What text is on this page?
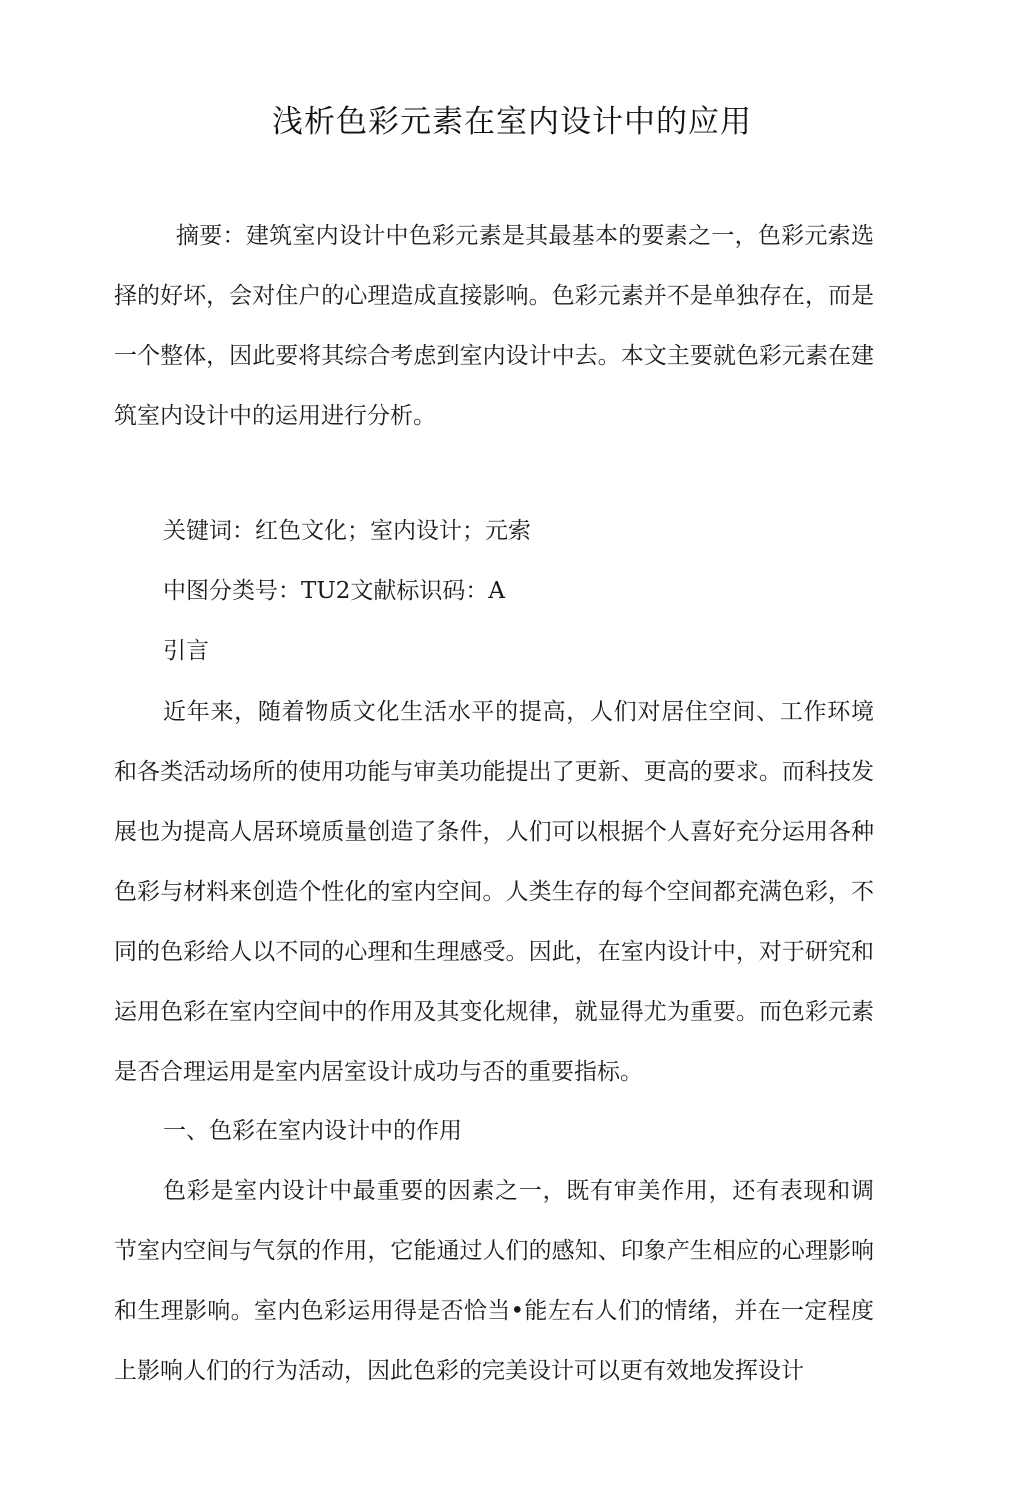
浅析色彩元素在室内设计中的应用

摘要：建筑室内设计中色彩元素是其最基本的要素之一，色彩元索选择的好坏，会对住户的心理造成直接影响。色彩元素并不是单独存在，而是一个整体，因此要将其综合考虑到室内设计中去。本文主要就色彩元素在建筑室内设计中的运用进行分析。

关键词：红色文化；室内设计；元索

中图分类号：TU2文献标识码：A

引言

近年来，随着物质文化生活水平的提高，人们对居住空间、工作环境和各类活动场所的使用功能与审美功能提出了更新、更高的要求。而科技发展也为提高人居环境质量创造了条件，人们可以根据个人喜好充分运用各种色彩与材料来创造个性化的室内空间。人类生存的每个空间都充满色彩，不同的色彩给人以不同的心理和生理感受。因此，在室内设计中，对于研究和运用色彩在室内空间中的作用及其变化规律，就显得尤为重要。而色彩元素是否合理运用是室内居室设计成功与否的重要指标。

一、色彩在室内设计中的作用

色彩是室内设计中最重要的因素之一，既有审美作用，还有表现和调节室内空间与气氛的作用，它能通过人们的感知、印象产生相应的心理影响和生理影响。室内色彩运用得是否恰当•能左右人们的情绪，并在一定程度上影响人们的行为活动，因此色彩的完美设计可以更有效地发挥设计
